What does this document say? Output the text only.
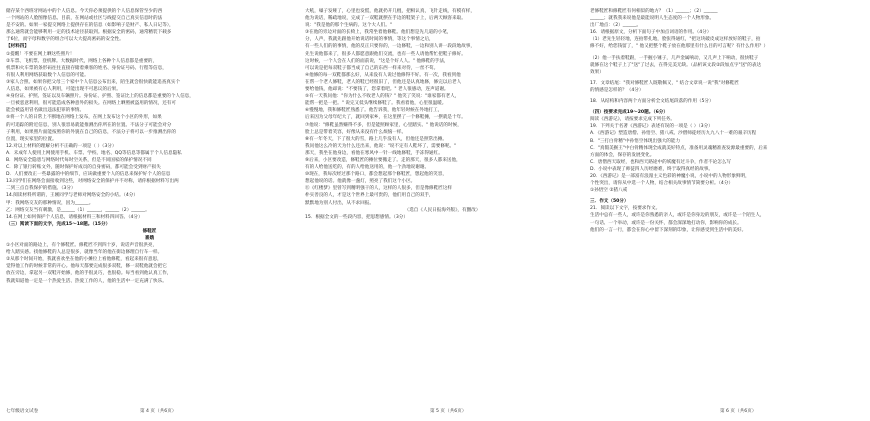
储存某个西班牙网站中的个人信息。今天你必须提供的个人信息保管至少的西

一个网站的人脸图像信息。目前，在网站或社区与线提交自己真实信息时的法

是不安的。如果一家提交网络上提供存在的信息（如影响子是财产、私人日记等），

那么通常就会能够利用一定的技术途径获取到。根据安全的密码，通常精装下载多

于6位，而字母和数字的组合可以大大提高密码的安全性。

【材料四】

①提醒！不要在网上晒这些照片！

②车票、飞机票、登机牌。大数据时代，网络上各种个人信息都是重要的，

机票和火车票的条形码往往直接存储着乘客的姓名、身份证号码、行程等信息，

有很人利用网络获取数个人信息的可能。

③家人合照。如果你把父母三个家中个人信息公布出来，陌生就会很快就能追查真实个

人信息，如果被有心人利用，可能出现不可思议的后果。

④身份证、护照、签证以及车辆照片。身份证、护照、签证比上的信息都是重要的个人信息，

一旦被恶意利用，很可能造成各种意外的损失。在网络上晒照被盗用的情况，还有可

能会被盗用冒名做出违法犯罪的事情。

⑤将一个人的日常上不断地在网络上发布，在网上发布这个小区的外形，如果

的可追踪的附近信息，别人很容易就能推测出你所在的位置。不法分子可能会对分

子利用，如果照片面能按照你的外貌在自己的信息，不法分子将可以一步推测出你的

位置，现实家里的位置。

12.对以上材料的理解分析不正确的一项是（ ）（3分）

A．未成年人使用上网使用手机、车票、学校、地名、QQ等信息等都属于个人信息隐私

B．网络安全隐患与网络时代每时空关系，但是不同国家的保护情况不同

C．除了银行转账文外，随时保护好成员的自身密码，都可能会受到财产损失

D．人们要改正一些暴露的中的细节，应该做重要个人的信息来保护好个人的信息

13.同学们在网络会面接收到这些，对网络安全的保护并不对称，请你根据材料写出两

二到三点自我保护的措施。（3分）

14.阅读材料所谓的，王刚同学与老师对网络安全的小结。（4分）

甲：我网络交友的那种情况，因为______。

乙：网络交友当有刺激，是______（1）______，______（2）______。

14.在网上如何保护个人信息，请根据材料三和材料四回答。（4分）

（三）阅读下面的文字，完成15～18题。（15分）

修鞋匠

喜娥

①小区对面的路边上，有个修鞋匠。修鞋匠不到四十岁，说话声音很洪亮，

给人踏实感。找他修鞋的人总是很多，就像当年的他在街边修理自行车一样。

②从那个时间开始，我就喜欢坐在他的小摊位上看他修鞋，看起来很有意思，

觉得他工作的时候非常的开心。他每天都要完成很多双鞋，修一双鞋他就会把它

放在旁边，拿起另一双鞋开始修，他的手很灵巧，也很稳。每当看到他认真工作，

我就知道他一定是一个热爱生活、热爱工作的人，他的生活中一定充满了快乐。

大吼，嗓子发哑了，心里也发慌，他就扔开几棍，把相认真，飞针走线，有模有样，

他为说话，稀疏地说，完成了一双鞋就摆在手边的鞋架子上，后两天顾客来取。

说："我是他的那个生病的。这个大人们。"

③在他的旁边对面的长椅上，我常坐着他修鞋。他们想是先几道的小笔，

分，人声，我就先跟他开始说话时间的事情，等这个事情之后，

有一些人们的的事情，他的反正只要你的，一边修鞋，一边和别人讲一段段地故事，

先生说他都来了，很多人都愿意跟他们交流，也有一些人请他帮忙把鞋子修好。

这时候，一个人会在人们的面前说，"这是个好人人。" 他修鞋的手法，

可以说是把每双鞋子都当成了自己的东西一样来对待，一丝不苟。

④他修的每一双鞋都那么好，从来没有人说过他修得不好。有一次，我看到他

在帮一个老人修鞋，老人的鞋已经很旧了，但他还是认真地修，修完以后老人

要给他钱，他却说："不要钱了，您拿着吧。" 老人很感动，连声道谢。

⑤有一天我问他："你为什么不收老人的钱？" 他笑了笑说："谁家都有老人，

能帮一把是一把。" 说完又低头继续修鞋了。我看着他，心里很温暖。

⑥慢慢地，我和修鞋匠熟悉了。他告诉我，他年轻时候在外地打工，

后来因为父母年纪大了，就回到家乡，在这里摆了一个修鞋摊，一摆就是十年。

⑦他说："修鞋虽然赚得不多，但是能照顾家里，心里踏实。" 他说话的时候，

脸上总是带着笑容，好像从来没有什么烦恼一样。

⑧有一年冬天，下了很大的雪，路上几乎没有人，但他还是照常出摊。

我问他这么冷的天为什么还出来，他说："说不定有人鞋坏了，需要修呢。"

那天，我坐在他身边，看他在寒风中一针一线地修鞋，手冻得通红。

⑨后来，小区要改造，修鞋匠的摊位要搬走了。走的那天，很多人都来送他，

有的人给他送吃的，有的人给他送用的，他一个劲地说谢谢。

⑩现在，我每次经过那个路口，都会想起那个修鞋匠，想起他的笑容，

想起他说的话。他就像一盏灯，照亮了我们这个小区。

⑪《红楼梦》里曾写到精明强干的人，这样的人很多，但是像修鞋匠这样

朴实善良的人，才是这个世界上最可贵的，他们用自己的双手，

默默地为别人付出，从不求回报。

（选自《人民日报海外版》，有删改）

15．根据全文的一些段内容，把思想感情。（3分）

老修鞋匠和修鞋匠有何相似的地方？（1）______；（2）______

______；就我我来说他是最能说明人生态度的一个人物形象。

出厂地点：（2）______。

16．请根据原文，分析下面句子中加点词语的作用。（4分）

（1）老先生轻轻地，连拍带扎地，脸张得通红，"把这块破皮成这样放好的鞋子，拍

修不好，给您钱留了，" 他又把整个鞋子放在他那里有什么目的可言呢？有什么作用？）

（2）他一手扶着鞋跟，一手握小锤子，几声金属响动，又几声上下响动，很快鞋子

就修在这个鞋子上了"送"了过去，在得完美无缺。（品析该文段②段加点字"送"的表达

效果）

17．文章结尾："我对修鞋匠人既敬佩又，" 结合文章说一说"我"对修鞋匠

的情感是怎样的？（4分）

18．从结构和内容两个方面分析全文结尾段落的作用（5分）

（四）按要求完成19～20题。（6分）

阅读《西游记》，请按要求完成下列任务。

19．下列关于名著《西游记》表述有误的一项是（ ）（3分）

A．《西游记》塑造唐僧、孙悟空、猪八戒、沙僧师徒经历九九八十一难的艰辛历程

B．"三打白骨精"中孙悟空体现出强大的能力

C．"真假美猴王"中白骨精体现全成就美好特点，准备用灵魂精准查发源最重要的，后来

方面的体会，保存的发展变化。

C．唐僧西天取经，也和西天路途中的妖魔有过斗争，作者不论怎么写

D．小说中表现了师徒四人历经磨难，终于取得真经的故事。

20．《西游记》是一部富有浪漫主义色彩的神魔小说，小说中的人物形象鲜明，

个性突出，请你从中选一个人物，结合相关故事情节简要分析。（4分）

①孙悟空 ②猪八戒

三．作文（50分）

21．阅读以下文字，按要求作文。

生活中总有一些人，或许是你熟悉的亲人，或许是你身边的朋友，或许是一个陌生人，

一句话、一个举动，或许是一份关怀，都会深深地打动你，影响你的成长。

他们的一言一行，都会在你心中留下深刻的印象，让你感受到生活中的美好。

七年级语文试卷	第 4 页（共6页）	第 5 页（共6页）	第 6 页（共6页）
